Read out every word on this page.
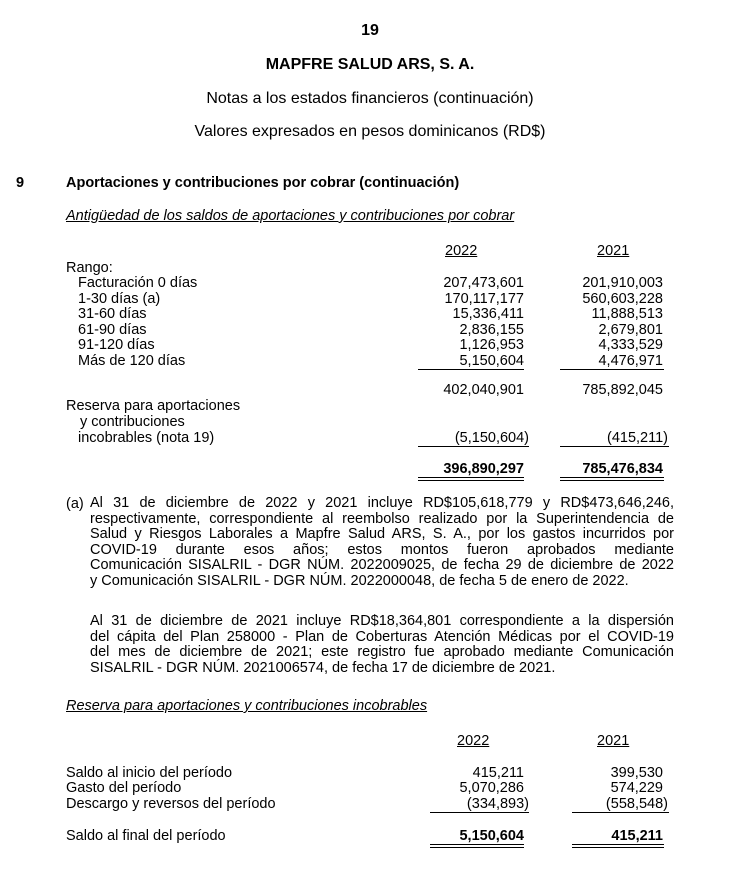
19
MAPFRE SALUD ARS, S. A.
Notas a los estados financieros (continuación)
Valores expresados en pesos dominicanos (RD$)
9	Aportaciones y contribuciones por cobrar (continuación)
Antigüedad de los saldos de aportaciones y contribuciones por cobrar
2022	2021
Rango:
Facturación 0 días	207,473,601	201,910,003
1-30 días (a)	170,117,177	560,603,228
31-60 días	15,336,411	11,888,513
61-90 días	2,836,155	2,679,801
91-120 días	1,126,953	4,333,529
Más de 120 días	5,150,604	4,476,971
402,040,901	785,892,045
Reserva para aportaciones
y contribuciones
incobrables (nota 19)	(5,150,604)	(415,211)
396,890,297	785,476,834
(a) Al 31 de diciembre de 2022 y 2021 incluye RD$105,618,779 y RD$473,646,246,
respectivamente, correspondiente al reembolso realizado por la Superintendencia de
Salud y Riesgos Laborales a Mapfre Salud ARS, S. A., por los gastos incurridos por
COVID-19 durante esos años; estos montos fueron aprobados mediante
Comunicación SISALRIL - DGR NÚM. 2022009025, de fecha 29 de diciembre de 2022
y Comunicación SISALRIL - DGR NÚM. 2022000048, de fecha 5 de enero de 2022.
Al 31 de diciembre de 2021 incluye RD$18,364,801 correspondiente a la dispersión
del cápita del Plan 258000 - Plan de Coberturas Atención Médicas por el COVID-19
del mes de diciembre de 2021; este registro fue aprobado mediante Comunicación
SISALRIL - DGR NÚM. 2021006574, de fecha 17 de diciembre de 2021.
Reserva para aportaciones y contribuciones incobrables
2022	2021
Saldo al inicio del período	415,211	399,530
Gasto del período	5,070,286	574,229
Descargo y reversos del período	(334,893)	(558,548)
Saldo al final del período	5,150,604	415,211
